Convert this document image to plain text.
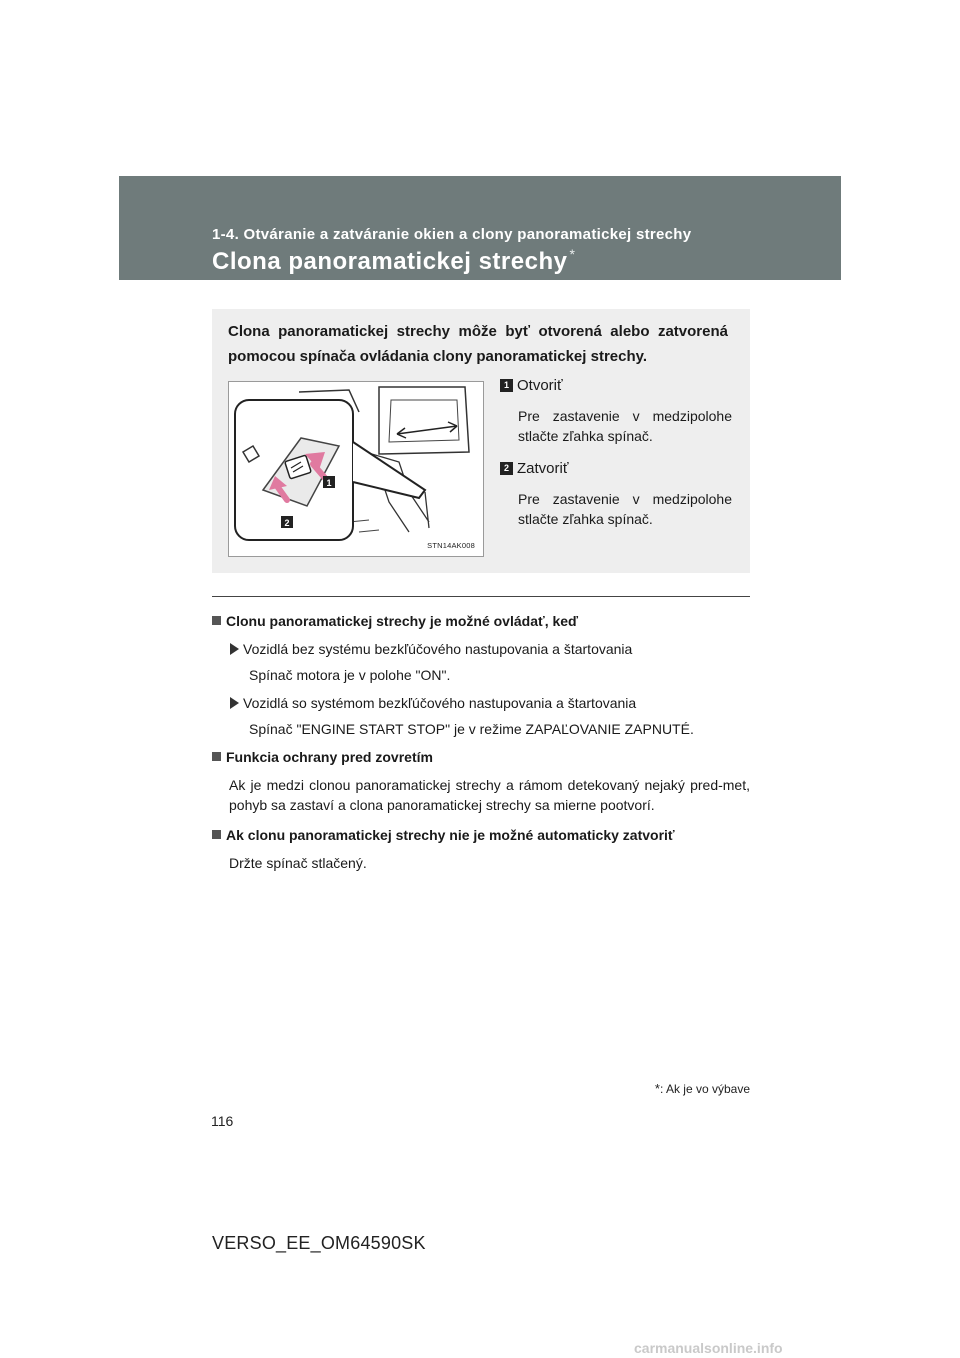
1-4. Otváranie a zatváranie okien a clony panoramatickej strechy
Clona panoramatickej strechy *
Clona panoramatickej strechy môže byť otvorená alebo zatvorená pomocou spínača ovládania clony panoramatickej strechy.
1
2
STN14AK008
1 Otvoriť
Pre zastavenie v medzipolohe stlačte zľahka spínač.
2 Zatvoriť
Pre zastavenie v medzipolohe stlačte zľahka spínač.
Clonu panoramatickej strechy je možné ovládať, keď
Vozidlá bez systému bezkľúčového nastupovania a štartovania
Spínač motora je v polohe "ON".
Vozidlá so systémom bezkľúčového nastupovania a štartovania
Spínač "ENGINE START STOP" je v režime ZAPAĽOVANIE ZAPNUTÉ.
Funkcia ochrany pred zovretím
Ak je medzi clonou panoramatickej strechy a rámom detekovaný nejaký pred-met, pohyb sa zastaví a clona panoramatickej strechy sa mierne pootvorí.
Ak clonu panoramatickej strechy nie je možné automaticky zatvoriť
Držte spínač stlačený.
*: Ak je vo výbave
116
VERSO_EE_OM64590SK
carmanualsonline.info
